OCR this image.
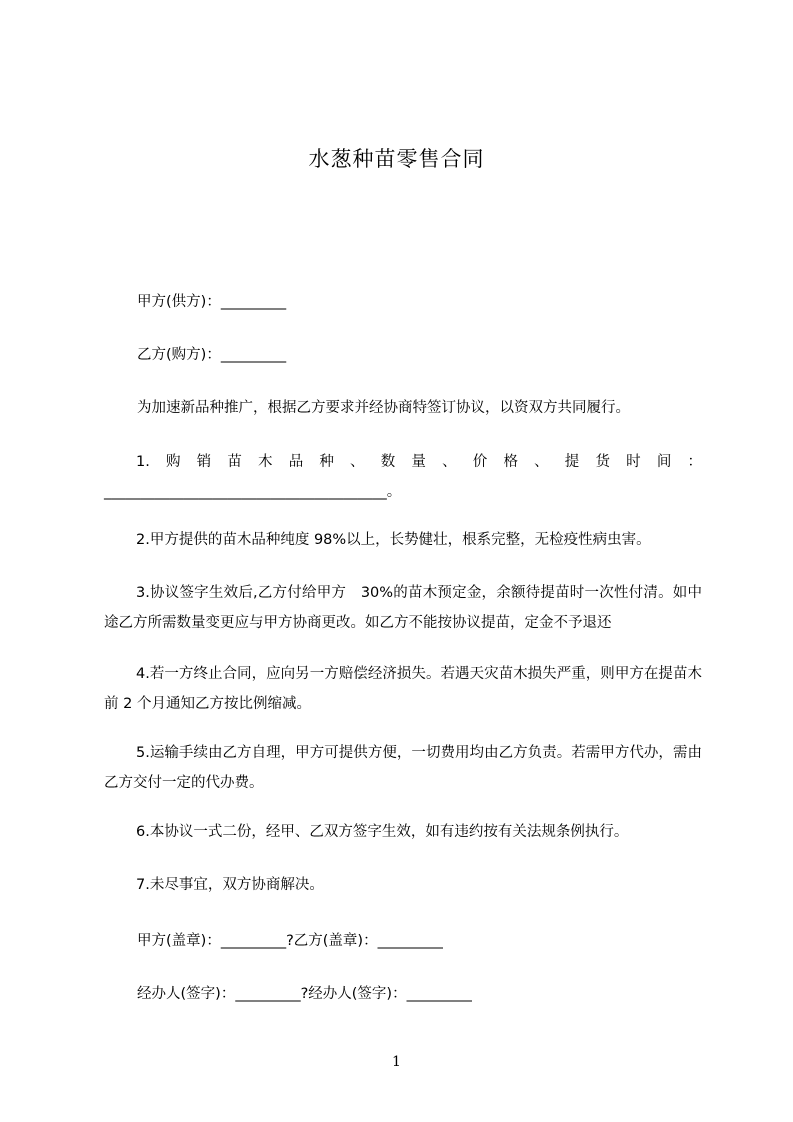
水葱种苗零售合同
甲方(供方)：_________
乙方(购方)：_________
为加速新品种推广，根据乙方要求并经协商特签订协议，以资双方共同履行。
1.购销苗木品种、数量、价格、提货时间：_______________________________________。
2.甲方提供的苗木品种纯度 98%以上，长势健壮，根系完整，无检疫性病虫害。
3.协议签字生效后,乙方付给甲方　30%的苗木预定金，余额待提苗时一次性付清。如中途乙方所需数量变更应与甲方协商更改。如乙方不能按协议提苗，定金不予退还
4.若一方终止合同，应向另一方赔偿经济损失。若遇天灾苗木损失严重，则甲方在提苗木前 2 个月通知乙方按比例缩减。
5.运输手续由乙方自理，甲方可提供方便，一切费用均由乙方负责。若需甲方代办，需由乙方交付一定的代办费。
6.本协议一式二份，经甲、乙双方签字生效，如有违约按有关法规条例执行。
7.未尽事宜，双方协商解决。
甲方(盖章)：_________?乙方(盖章)：_________
经办人(签字)：_________?经办人(签字)：_________
1
